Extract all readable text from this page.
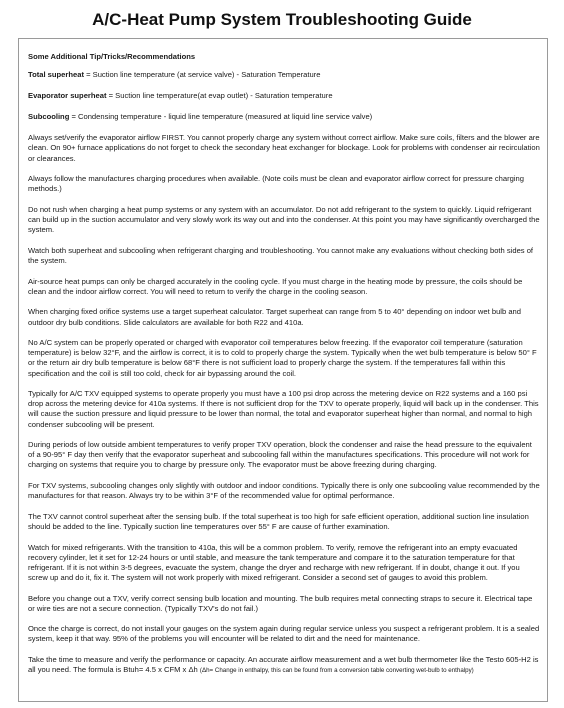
A/C-Heat Pump System Troubleshooting Guide

Some Additional Tip/Tricks/Recommendations

Total superheat = Suction line temperature (at service valve) - Saturation Temperature

Evaporator superheat = Suction line temperature(at evap outlet) - Saturation temperature

Subcooling = Condensing temperature - liquid line temperature (measured at liquid line service valve)

Always set/verify the evaporator airflow FIRST. You cannot properly charge any system without correct airflow. Make sure coils, filters and the blower are clean. On 90+ furnace applications do not forget to check the secondary heat exchanger for blockage. Look for problems with condenser air recirculation or clearances.

Always follow the manufactures charging procedures when available. (Note coils must be clean and evaporator airflow correct for pressure charging methods.)

Do not rush when charging a heat pump systems or any system with an accumulator. Do not add refrigerant to the system to quickly. Liquid refrigerant can build up in the suction accumulator and very slowly work its way out and into the condenser. At this point you may have significantly overcharged the system.

Watch both superheat and subcooling when refrigerant charging and troubleshooting. You cannot make any evaluations without checking both sides of the system.

Air-source heat pumps can only be charged accurately in the cooling cycle. If you must charge in the heating mode by pressure, the coils should be clean and the indoor airflow correct. You will need to return to verify the charge in the cooling season.

When charging fixed orifice systems use a target superheat calculator. Target superheat can range from 5 to 40° depending on indoor wet bulb and outdoor dry bulb conditions. Slide calculators are available for both R22 and 410a.

No A/C system can be properly operated or charged with evaporator coil temperatures below freezing. If the evaporator coil temperature (saturation temperature) is below 32°F, and the airflow is correct, it is to cold to properly charge the system. Typically when the wet bulb temperature is below 50° F or the return air dry bulb temperature is below 68°F there is not sufficient load to properly charge the system. If the temperatures fall within this specification and the coil is still too cold, check for air bypassing around the coil.

Typically for A/C TXV equipped systems to operate properly you must have a 100 psi drop across the metering device on R22 systems and a 160 psi drop across the metering device for 410a systems. If there is not sufficient drop for the TXV to operate properly, liquid will back up in the condenser. This will cause the suction pressure and liquid pressure to be lower than normal, the total and evaporator superheat higher than normal, and normal to high condenser subcooling will be present.

During periods of low outside ambient temperatures to verify proper TXV operation, block the condenser and raise the head pressure to the equivalent of a 90-95° F day then verify that the evaporator superheat and subcooling fall within the manufactures specifications. This procedure will not work for charging on systems that require you to charge by pressure only. The evaporator must be above freezing during charging.

For TXV systems, subcooling changes only slightly with outdoor and indoor conditions. Typically there is only one subcooling value recommended by the manufactures for that reason. Always try to be within 3°F of the recommended value for optimal performance.

The TXV cannot control superheat after the sensing bulb. If the total superheat is too high for safe efficient operation, additional suction line insulation should be added to the line. Typically suction line temperatures over 55° F are cause of further examination.

Watch for mixed refrigerants. With the transition to 410a, this will be a common problem. To verify, remove the refrigerant into an empty evacuated recovery cylinder, let it set for 12-24 hours or until stable, and measure the tank temperature and compare it to the saturation temperature for that refrigerant. If it is not within 3-5 degrees, evacuate the system, change the dryer and recharge with new refrigerant. If in doubt, change it out. If you screw up and do it, fix it. The system will not work properly with mixed refrigerant. Consider a second set of gauges to avoid this problem.

Before you change out a TXV, verify correct sensing bulb location and mounting. The bulb requires metal connecting straps to secure it. Electrical tape or wire ties are not a secure connection. (Typically TXV's do not fail.)

Once the charge is correct, do not install your gauges on the system again during regular service unless you suspect a refrigerant problem. It is a sealed system, keep it that way. 95% of the problems you will encounter will be related to dirt and the need for maintenance.

Take the time to measure and verify the performance or capacity. An accurate airflow measurement and a wet bulb thermometer like the Testo 605-H2 is all you need. The formula is Btuh= 4.5 x CFM x Δh (Δh= Change in enthalpy, this can be found from a conversion table converting wet-bulb to enthalpy)
